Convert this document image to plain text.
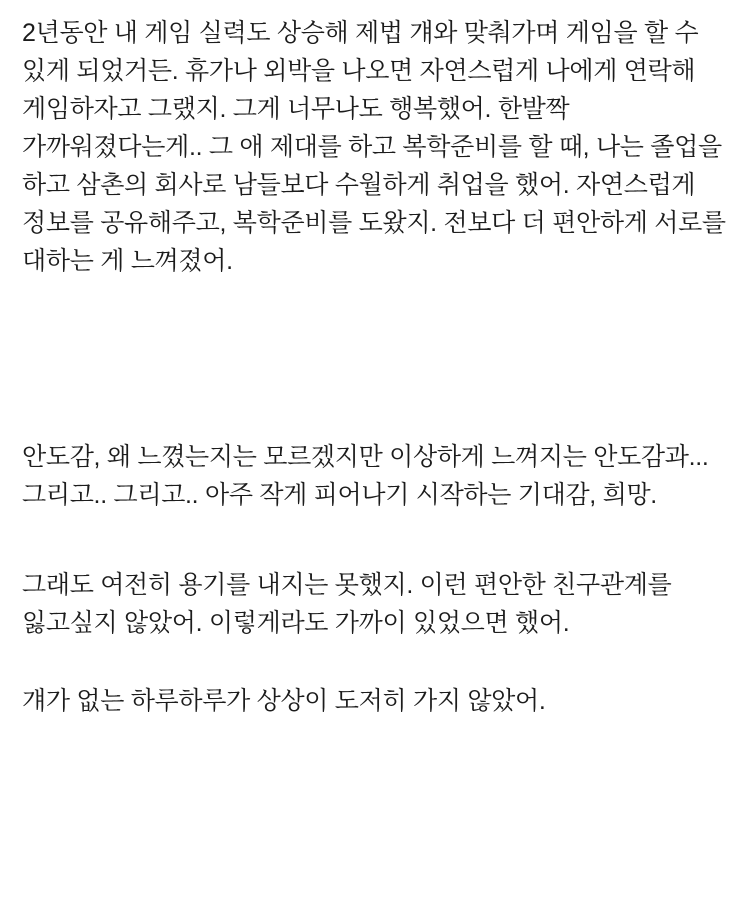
2년동안 내 게임 실력도 상승해 제법 걔와 맞춰가며 게임을 할 수 있게 되었거든. 휴가나 외박을 나오면 자연스럽게 나에게 연락해 게임하자고 그랬지. 그게 너무나도 행복했어. 한발짝 가까워졌다는게.. 그 애 제대를 하고 복학준비를 할 때, 나는 졸업을 하고 삼촌의 회사로 남들보다 수월하게 취업을 했어. 자연스럽게 정보를 공유해주고, 복학준비를 도왔지. 전보다 더 편안하게 서로를 대하는 게 느껴졌어.

안도감, 왜 느꼈는지는 모르겠지만 이상하게 느껴지는 안도감과... 그리고.. 그리고.. 아주 작게 피어나기 시작하는 기대감, 희망.

그래도 여전히 용기를 내지는 못했지. 이런 편안한 친구관계를 잃고싶지 않았어. 이렇게라도 가까이 있었으면 했어.

걔가 없는 하루하루가 상상이 도저히 가지 않았어.
